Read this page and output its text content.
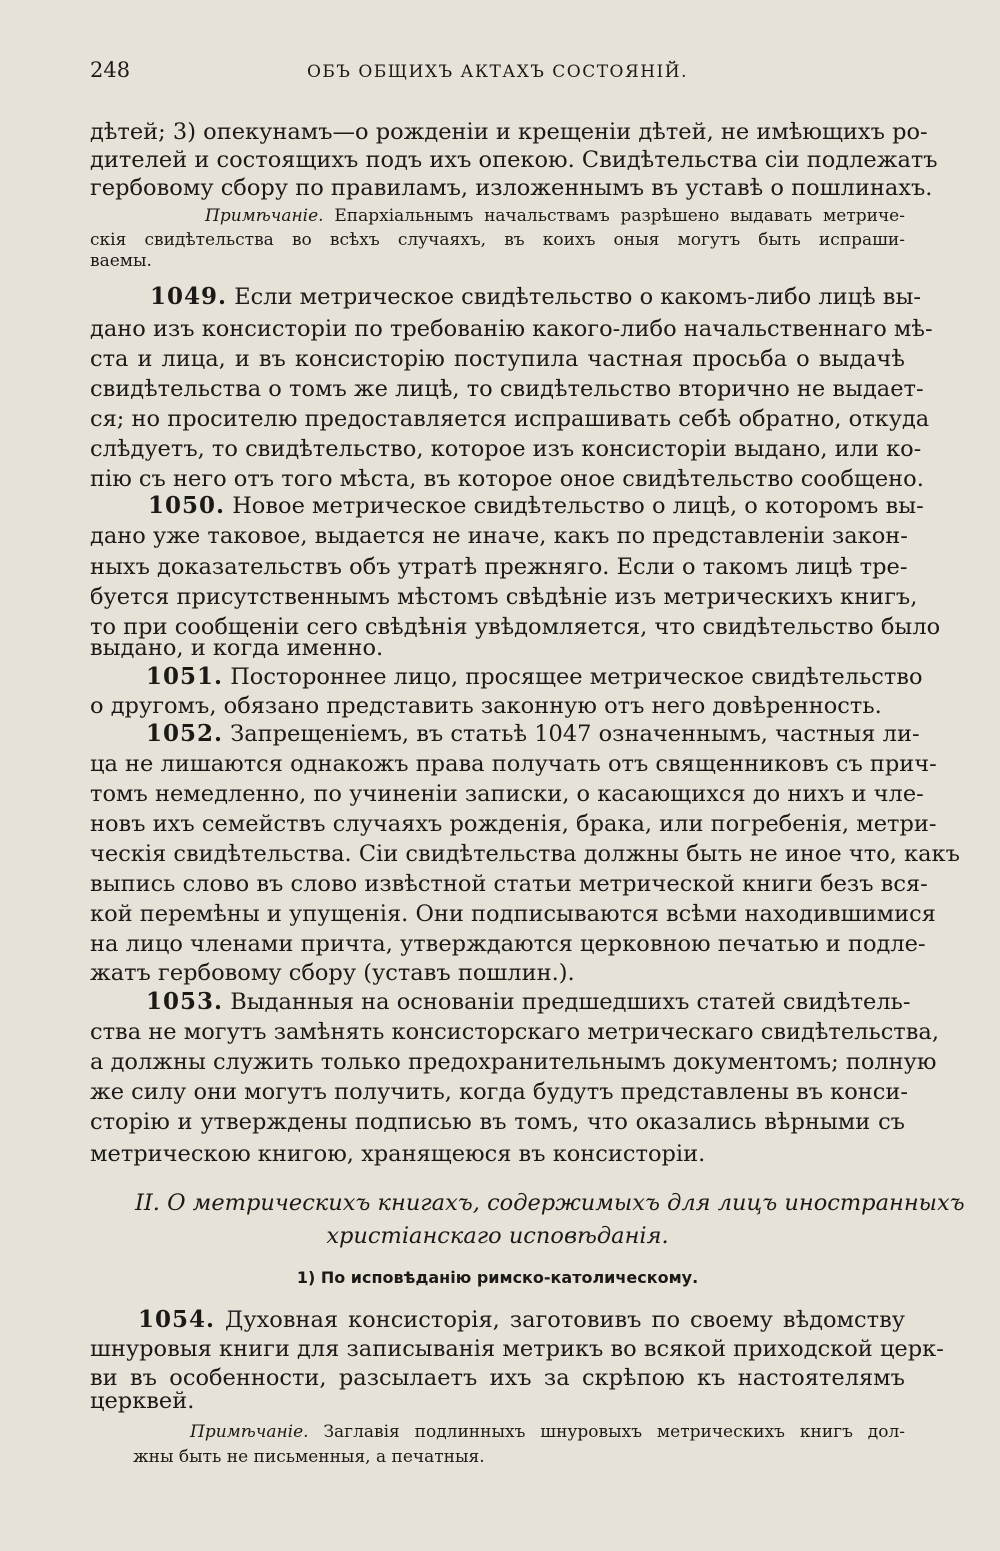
248	ОБЪ ОБЩИХЪ АКТАХЪ СОСТОЯНІЙ.
дѣтей; 3) опекунамъ—о рожденіи и крещеніи дѣтей, не имѣющихъ ро-
дителей и состоящихъ подъ ихъ опекою. Свидѣтельства сіи подлежатъ
гербовому сбору по правиламъ, изложеннымъ въ уставѣ о пошлинахъ.
Примѣчаніе. Епархіальнымъ начальствамъ разрѣшено выдавать метриче-
скія свидѣтельства во всѣхъ случаяхъ, въ коихъ оныя могутъ быть испраши-
ваемы.
1049. Если метрическое свидѣтельство о какомъ-либо лицѣ вы-
дано изъ консисторіи по требованію какого-либо начальственнаго мѣ-
ста и лица, и въ консисторію поступила частная просьба о выдачѣ
свидѣтельства о томъ же лицѣ, то свидѣтельство вторично не выдает-
ся; но просителю предоставляется испрашивать себѣ обратно, откуда
слѣдуетъ, то свидѣтельство, которое изъ консисторіи выдано, или ко-
пію съ него отъ того мѣста, въ которое оное свидѣтельство сообщено.
1050. Новое метрическое свидѣтельство о лицѣ, о которомъ вы-
дано уже таковое, выдается не иначе, какъ по представленіи закон-
ныхъ доказательствъ объ утратѣ прежняго. Если о такомъ лицѣ тре-
буется присутственнымъ мѣстомъ свѣдѣніе изъ метрическихъ книгъ,
то при сообщеніи сего свѣдѣнія увѣдомляется, что свидѣтельство было
выдано, и когда именно.
1051. Постороннее лицо, просящее метрическое свидѣтельство
о другомъ, обязано представить законную отъ него довѣренность.
1052. Запрещеніемъ, въ статьѣ 1047 означеннымъ, частныя ли-
ца не лишаются однакожъ права получать отъ священниковъ съ прич-
томъ немедленно, по учиненіи записки, о касающихся до нихъ и чле-
новъ ихъ семействъ случаяхъ рожденія, брака, или погребенія, метри-
ческія свидѣтельства. Сіи свидѣтельства должны быть не иное что, какъ
выпись слово въ слово извѣстной статьи метрической книги безъ вся-
кой перемѣны и упущенія. Они подписываются всѣми находившимися
на лицо членами причта, утверждаются церковною печатью и подле-
жатъ гербовому сбору (уставъ пошлин.).
1053. Выданныя на основаніи предшедшихъ статей свидѣтель-
ства не могутъ замѣнять консисторскаго метрическаго свидѣтельства,
а должны служить только предохранительнымъ документомъ; полную
же силу они могутъ получить, когда будутъ представлены въ конси-
сторію и утверждены подписью въ томъ, что оказались вѣрными съ
метрическою книгою, хранящеюся въ консисторіи.
II. О метрическихъ книгахъ, содержимыхъ для лицъ иностранныхъ
христіанскаго исповѣданія.
1) По исповѣданію римско-католическому.
1054. Духовная консисторія, заготовивъ по своему вѣдомству
шнуровыя книги для записыванія метрикъ во всякой приходской церк-
ви въ особенности, разсылаетъ ихъ за скрѣпою къ настоятелямъ
церквей.
Примѣчаніе. Заглавія подлинныхъ шнуровыхъ метрическихъ книгъ дол-
жны быть не письменныя, а печатныя.
